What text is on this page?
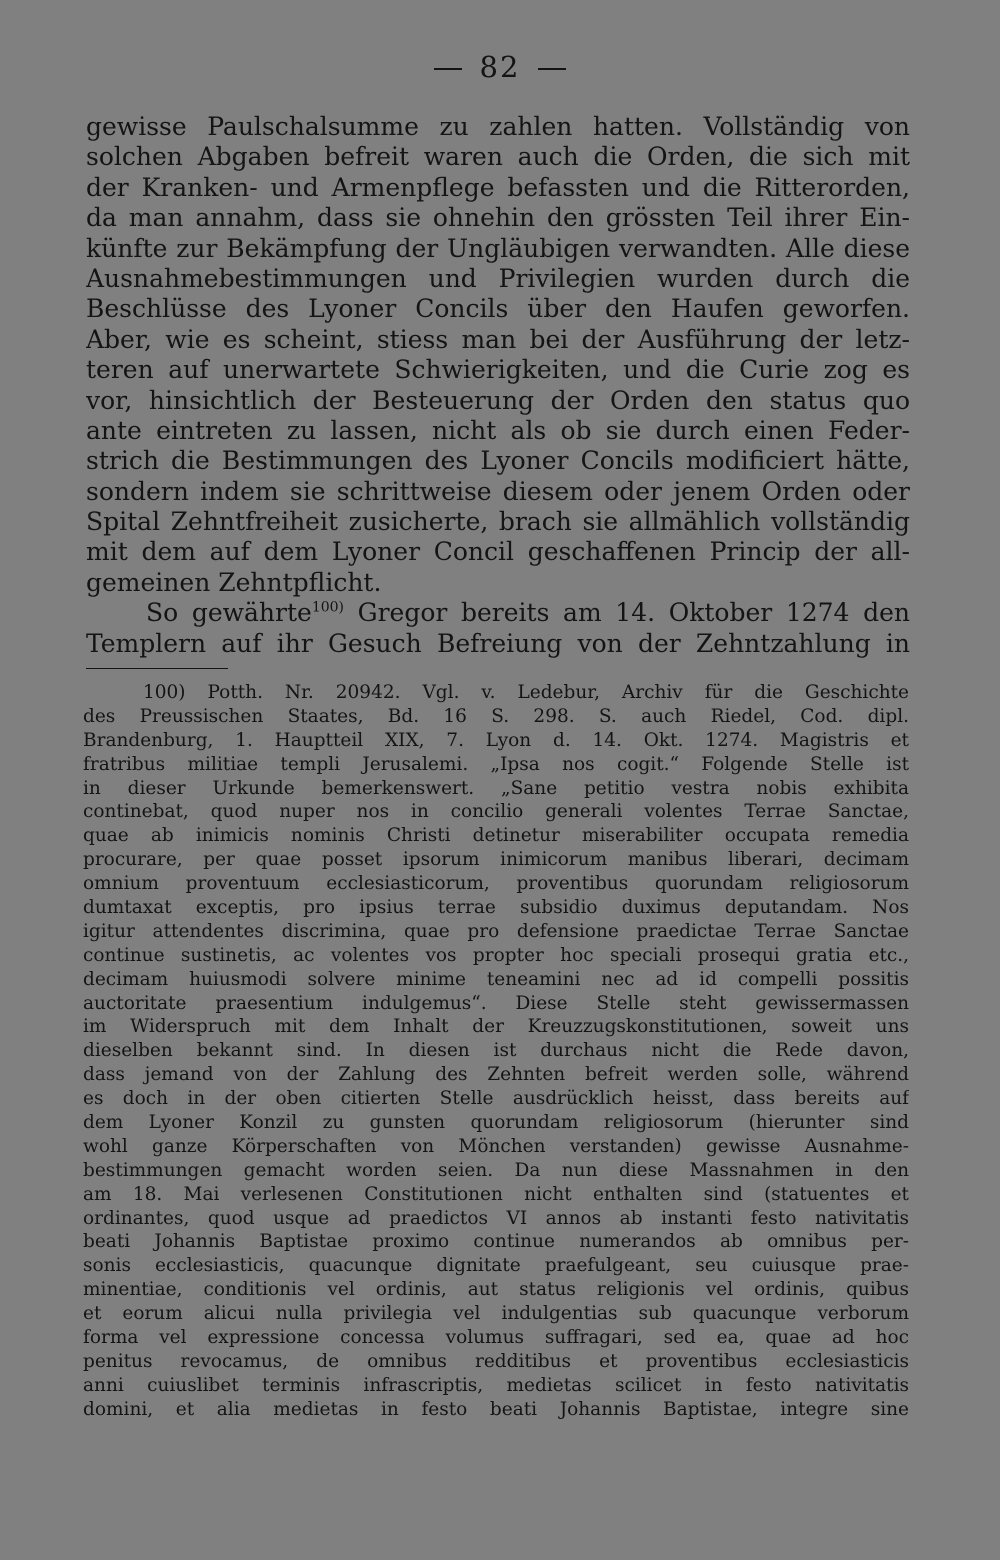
82
gewisse Paulschalsumme zu zahlen hatten. Vollständig von
solchen Abgaben befreit waren auch die Orden, die sich mit
der Kranken- und Armenpflege befassten und die Ritterorden,
da man annahm, dass sie ohnehin den grössten Teil ihrer Ein-
künfte zur Bekämpfung der Ungläubigen verwandten. Alle diese
Ausnahmebestimmungen und Privilegien wurden durch die
Beschlüsse des Lyoner Concils über den Haufen geworfen.
Aber, wie es scheint, stiess man bei der Ausführung der letz-
teren auf unerwartete Schwierigkeiten, und die Curie zog es
vor, hinsichtlich der Besteuerung der Orden den status quo
ante eintreten zu lassen, nicht als ob sie durch einen Feder-
strich die Bestimmungen des Lyoner Concils modificiert hätte,
sondern indem sie schrittweise diesem oder jenem Orden oder
Spital Zehntfreiheit zusicherte, brach sie allmählich vollständig
mit dem auf dem Lyoner Concil geschaffenen Princip der all-
gemeinen Zehntpflicht.
So gewährte$^{100)}$ Gregor bereits am 14. Oktober 1274 den
Templern auf ihr Gesuch Befreiung von der Zehntzahlung in
100) Potth. Nr. 20942. Vgl. v. Ledebur, Archiv für die Geschichte
des Preussischen Staates, Bd. 16 S. 298. S. auch Riedel, Cod. dipl.
Brandenburg, 1. Hauptteil XIX, 7. Lyon d. 14. Okt. 1274. Magistris et
fratribus militiae templi Jerusalemi. „Ipsa nos cogit.“ Folgende Stelle ist
in dieser Urkunde bemerkenswert. „Sane petitio vestra nobis exhibita
continebat, quod nuper nos in concilio generali volentes Terrae Sanctae,
quae ab inimicis nominis Christi detinetur miserabiliter occupata remedia
procurare, per quae posset ipsorum inimicorum manibus liberari, decimam
omnium proventuum ecclesiasticorum, proventibus quorundam religiosorum
dumtaxat exceptis, pro ipsius terrae subsidio duximus deputandam. Nos
igitur attendentes discrimina, quae pro defensione praedictae Terrae Sanctae
continue sustinetis, ac volentes vos propter hoc speciali prosequi gratia etc.,
decimam huiusmodi solvere minime teneamini nec ad id compelli possitis
auctoritate praesentium indulgemus“. Diese Stelle steht gewissermassen
im Widerspruch mit dem Inhalt der Kreuzzugskonstitutionen, soweit uns
dieselben bekannt sind. In diesen ist durchaus nicht die Rede davon,
dass jemand von der Zahlung des Zehnten befreit werden solle, während
es doch in der oben citierten Stelle ausdrücklich heisst, dass bereits auf
dem Lyoner Konzil zu gunsten quorundam religiosorum (hierunter sind
wohl ganze Körperschaften von Mönchen verstanden) gewisse Ausnahme-
bestimmungen gemacht worden seien. Da nun diese Massnahmen in den
am 18. Mai verlesenen Constitutionen nicht enthalten sind (statuentes et
ordinantes, quod usque ad praedictos VI annos ab instanti festo nativitatis
beati Johannis Baptistae proximo continue numerandos ab omnibus per-
sonis ecclesiasticis, quacunque dignitate praefulgeant, seu cuiusque prae-
minentiae, conditionis vel ordinis, aut status religionis vel ordinis, quibus
et eorum alicui nulla privilegia vel indulgentias sub quacunque verborum
forma vel expressione concessa volumus suffragari, sed ea, quae ad hoc
penitus revocamus, de omnibus redditibus et proventibus ecclesiasticis
anni cuiuslibet terminis infrascriptis, medietas scilicet in festo nativitatis
domini, et alia medietas in festo beati Johannis Baptistae, integre sine
